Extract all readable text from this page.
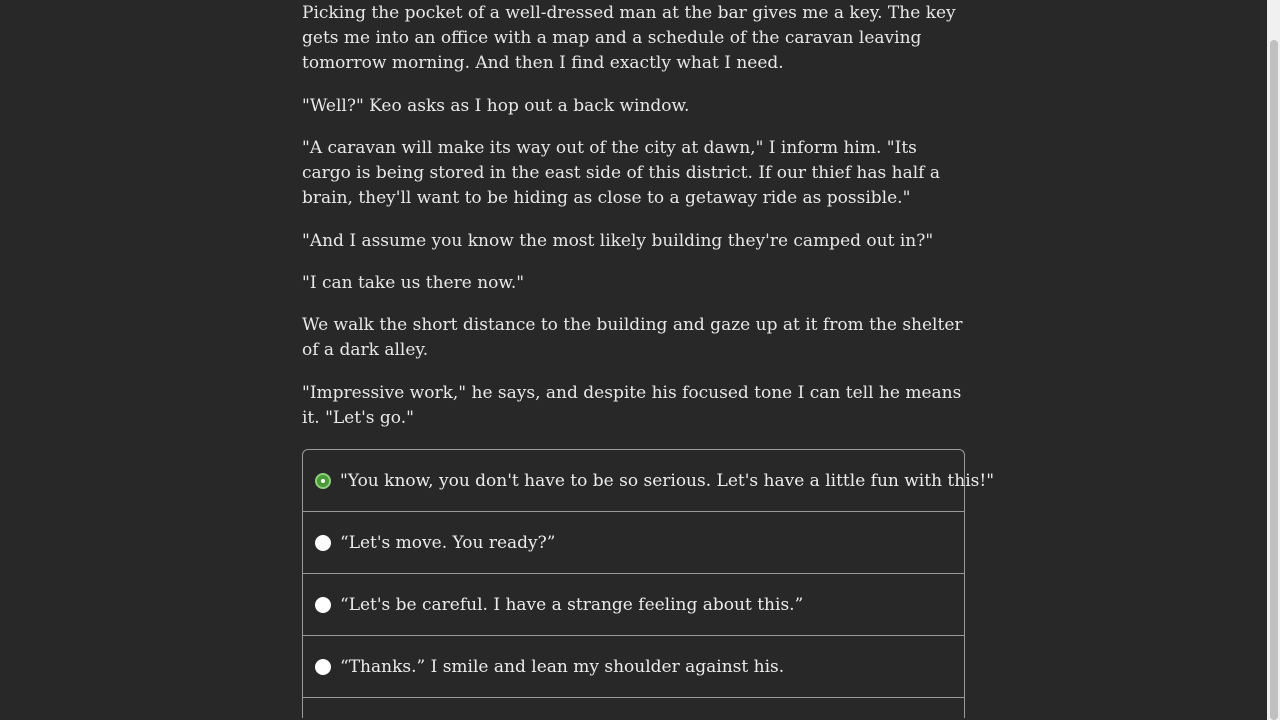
Picking the pocket of a well-dressed man at the bar gives me a key. The key gets me into an office with a map and a schedule of the caravan leaving tomorrow morning. And then I find exactly what I need.

"Well?" Keo asks as I hop out a back window.

"A caravan will make its way out of the city at dawn," I inform him. "Its cargo is being stored in the east side of this district. If our thief has half a brain, they'll want to be hiding as close to a getaway ride as possible."

"And I assume you know the most likely building they're camped out in?"

"I can take us there now."

We walk the short distance to the building and gaze up at it from the shelter of a dark alley.

"Impressive work," he says, and despite his focused tone I can tell he means it. "Let's go."

"You know, you don't have to be so serious. Let's have a little fun with this!"
“Let's move. You ready?”
“Let's be careful. I have a strange feeling about this.”
“Thanks.” I smile and lean my shoulder against his.
